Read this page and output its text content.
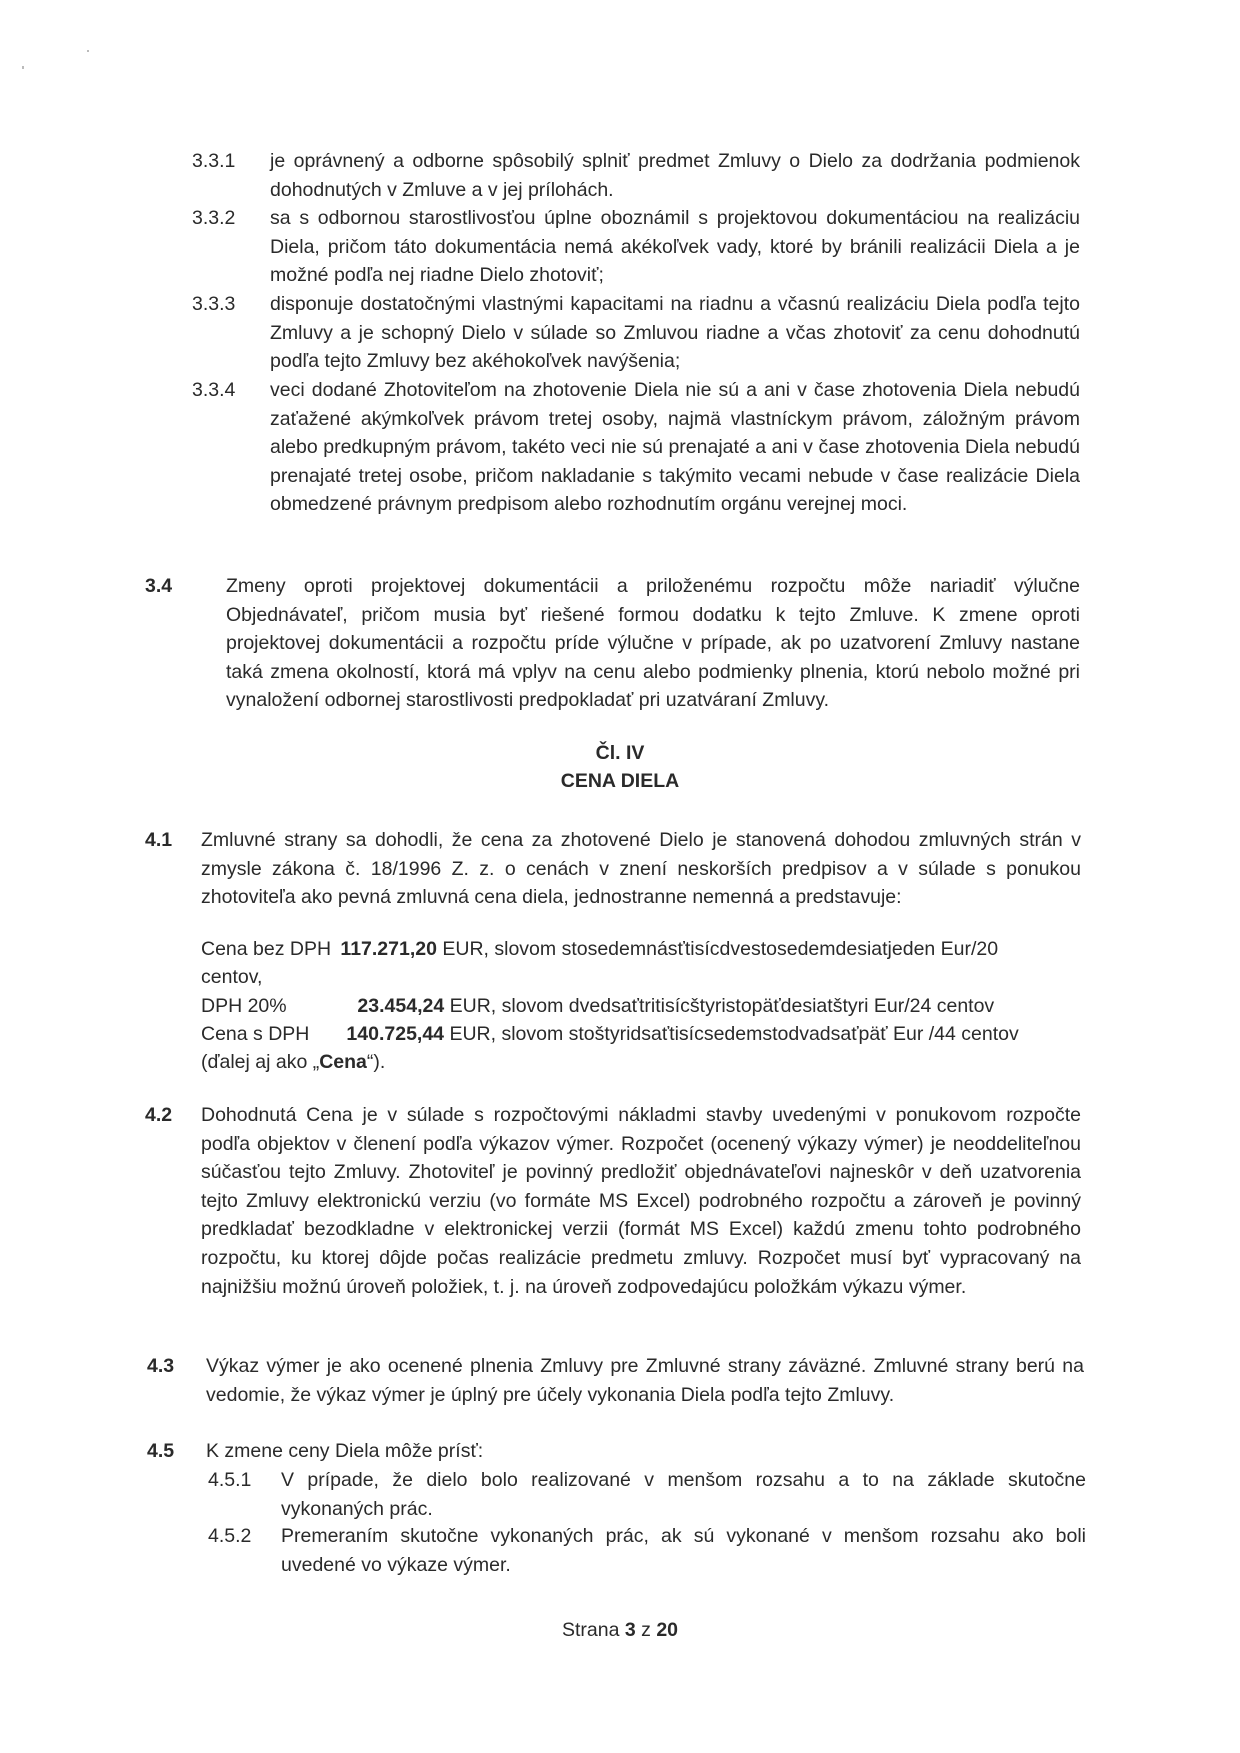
3.3.1 je oprávnený a odborne spôsobilý splniť predmet Zmluvy o Dielo za dodržania podmienok dohodnutých v Zmluve a v jej prílohách.
3.3.2 sa s odbornou starostlivosťou úplne oboznámil s projektovou dokumentáciou na realizáciu Diela, pričom táto dokumentácia nemá akékoľvek vady, ktoré by bránili realizácii Diela a je možné podľa nej riadne Dielo zhotoviť;
3.3.3 disponuje dostatočnými vlastnými kapacitami na riadnu a včasnú realizáciu Diela podľa tejto Zmluvy a je schopný Dielo v súlade so Zmluvou riadne a včas zhotoviť za cenu dohodnutú podľa tejto Zmluvy bez akéhokoľvek navýšenia;
3.3.4 veci dodané Zhotoviteľom na zhotovenie Diela nie sú a ani v čase zhotovenia Diela nebudú zaťažené akýmkoľvek právom tretej osoby, najmä vlastníckym právom, záložným právom alebo predkupným právom, takéto veci nie sú prenajaté a ani v čase zhotovenia Diela nebudú prenajaté tretej osobe, pričom nakladanie s takýmito vecami nebude v čase realizácie Diela obmedzené právnym predpisom alebo rozhodnutím orgánu verejnej moci.
3.4	Zmeny oproti projektovej dokumentácii a priloženému rozpočtu môže nariadiť výlučne Objednávateľ, pričom musia byť riešené formou dodatku k tejto Zmluve. K zmene oproti projektovej dokumentácii a rozpočtu príde výlučne v prípade, ak po uzatvorení Zmluvy nastane taká zmena okolností, ktorá má vplyv na cenu alebo podmienky plnenia, ktorú nebolo možné pri vynaložení odbornej starostlivosti predpokladať pri uzatváraní Zmluvy.
Čl. IV
CENA DIELA
4.1 Zmluvné strany sa dohodli, že cena za zhotovené Dielo je stanovená dohodou zmluvných strán v zmysle zákona č. 18/1996 Z. z. o cenách v znení neskorších predpisov a v súlade s ponukou zhotoviteľa ako pevná zmluvná cena diela, jednostranne nemenná a predstavuje:
Cena bez DPH 117.271,20 EUR, slovom stosedemnásťtisícdvestosedemdesiatjeden Eur/20
centov,
DPH 20%	23.454,24 EUR, slovom dvedsaťtritisícštyristopäťdesiatštyri Eur/24 centov
Cena s DPH 140.725,44 EUR, slovom stoštyridsaťtisícsedemstodvadsaťpäť Eur /44 centov
(ďalej aj ako „Cena“).
4.2 Dohodnutá Cena je v súlade s rozpočtovými nákladmi stavby uvedenými v ponukovom rozpočte podľa objektov v členení podľa výkazov výmer. Rozpočet (ocenený výkazy výmer) je neoddeliteľnou súčasťou tejto Zmluvy. Zhotoviteľ je povinný predložiť objednávateľovi najneskôr v deň uzatvorenia tejto Zmluvy elektronickú verziu (vo formáte MS Excel) podrobného rozpočtu a zároveň je povinný predkladať bezodkladne v elektronickej verzii (formát MS Excel) každú zmenu tohto podrobného rozpočtu, ku ktorej dôjde počas realizácie predmetu zmluvy. Rozpočet musí byť vypracovaný na najnižšiu možnú úroveň položiek, t. j. na úroveň zodpovedajúcu položkám výkazu výmer.
4.3 Výkaz výmer je ako ocenené plnenia Zmluvy pre Zmluvné strany záväzné. Zmluvné strany berú na vedomie, že výkaz výmer je úplný pre účely vykonania Diela podľa tejto Zmluvy.
4.5 K zmene ceny Diela môže prísť:
4.5.1 V prípade, že dielo bolo realizované v menšom rozsahu a to na základe skutočne vykonaných prác.
4.5.2 Premeraním skutočne vykonaných prác, ak sú vykonané v menšom rozsahu ako boli uvedené vo výkaze výmer.
Strana 3 z 20
